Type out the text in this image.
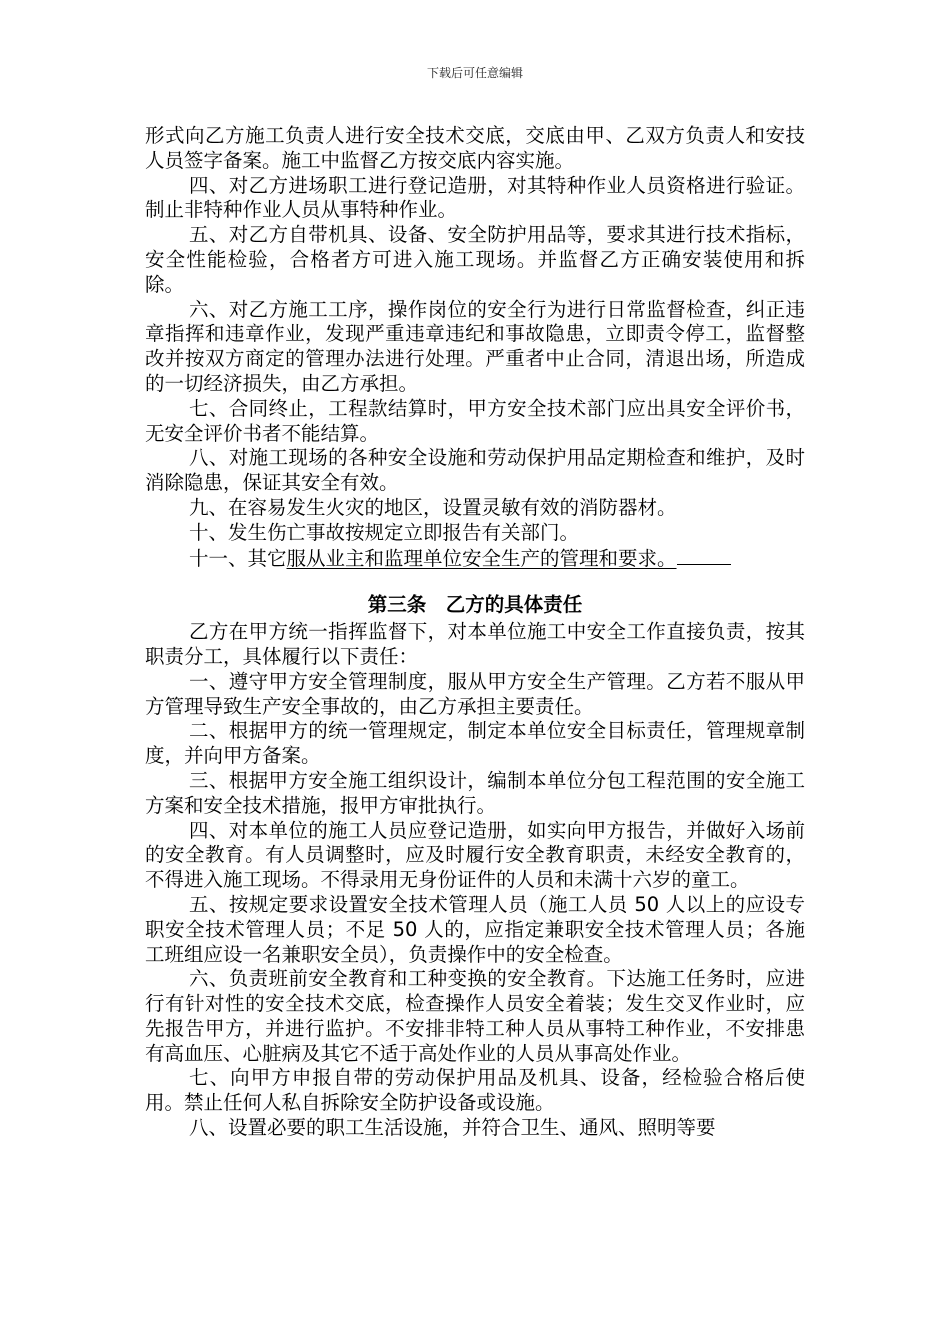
下载后可任意编辑

形式向乙方施工负责人进行安全技术交底，交底由甲、乙双方负责人和安技人员签字备案。施工中监督乙方按交底内容实施。

四、对乙方进场职工进行登记造册，对其特种作业人员资格进行验证。制止非特种作业人员从事特种作业。

五、对乙方自带机具、设备、安全防护用品等，要求其进行技术指标，安全性能检验，合格者方可进入施工现场。并监督乙方正确安装使用和拆除。

六、对乙方施工工序，操作岗位的安全行为进行日常监督检查，纠正违章指挥和违章作业，发现严重违章违纪和事故隐患，立即责令停工，监督整改并按双方商定的管理办法进行处理。严重者中止合同，清退出场，所造成的一切经济损失，由乙方承担。

七、合同终止，工程款结算时，甲方安全技术部门应出具安全评价书，无安全评价书者不能结算。

八、对施工现场的各种安全设施和劳动保护用品定期检查和维护，及时消除隐患，保证其安全有效。

九、在容易发生火灾的地区，设置灵敏有效的消防器材。

十、发生伤亡事故按规定立即报告有关部门。

十一、其它服从业主和监理单位安全生产的管理和要求。

第三条　乙方的具体责任

乙方在甲方统一指挥监督下，对本单位施工中安全工作直接负责，按其职责分工，具体履行以下责任：

一、遵守甲方安全管理制度，服从甲方安全生产管理。乙方若不服从甲方管理导致生产安全事故的，由乙方承担主要责任。

二、根据甲方的统一管理规定，制定本单位安全目标责任，管理规章制度，并向甲方备案。

三、根据甲方安全施工组织设计，编制本单位分包工程范围的安全施工方案和安全技术措施，报甲方审批执行。

四、对本单位的施工人员应登记造册，如实向甲方报告，并做好入场前的安全教育。有人员调整时，应及时履行安全教育职责，未经安全教育的，不得进入施工现场。不得录用无身份证件的人员和未满十六岁的童工。

五、按规定要求设置安全技术管理人员（施工人员 50 人以上的应设专职安全技术管理人员；不足 50 人的，应指定兼职安全技术管理人员；各施工班组应设一名兼职安全员），负责操作中的安全检查。

六、负责班前安全教育和工种变换的安全教育。下达施工任务时，应进行有针对性的安全技术交底，检查操作人员安全着装；发生交叉作业时，应先报告甲方，并进行监护。不安排非特工种人员从事特工种作业，不安排患有高血压、心脏病及其它不适于高处作业的人员从事高处作业。

七、向甲方申报自带的劳动保护用品及机具、设备，经检验合格后使用。禁止任何人私自拆除安全防护设备或设施。

八、设置必要的职工生活设施，并符合卫生、通风、照明等要
